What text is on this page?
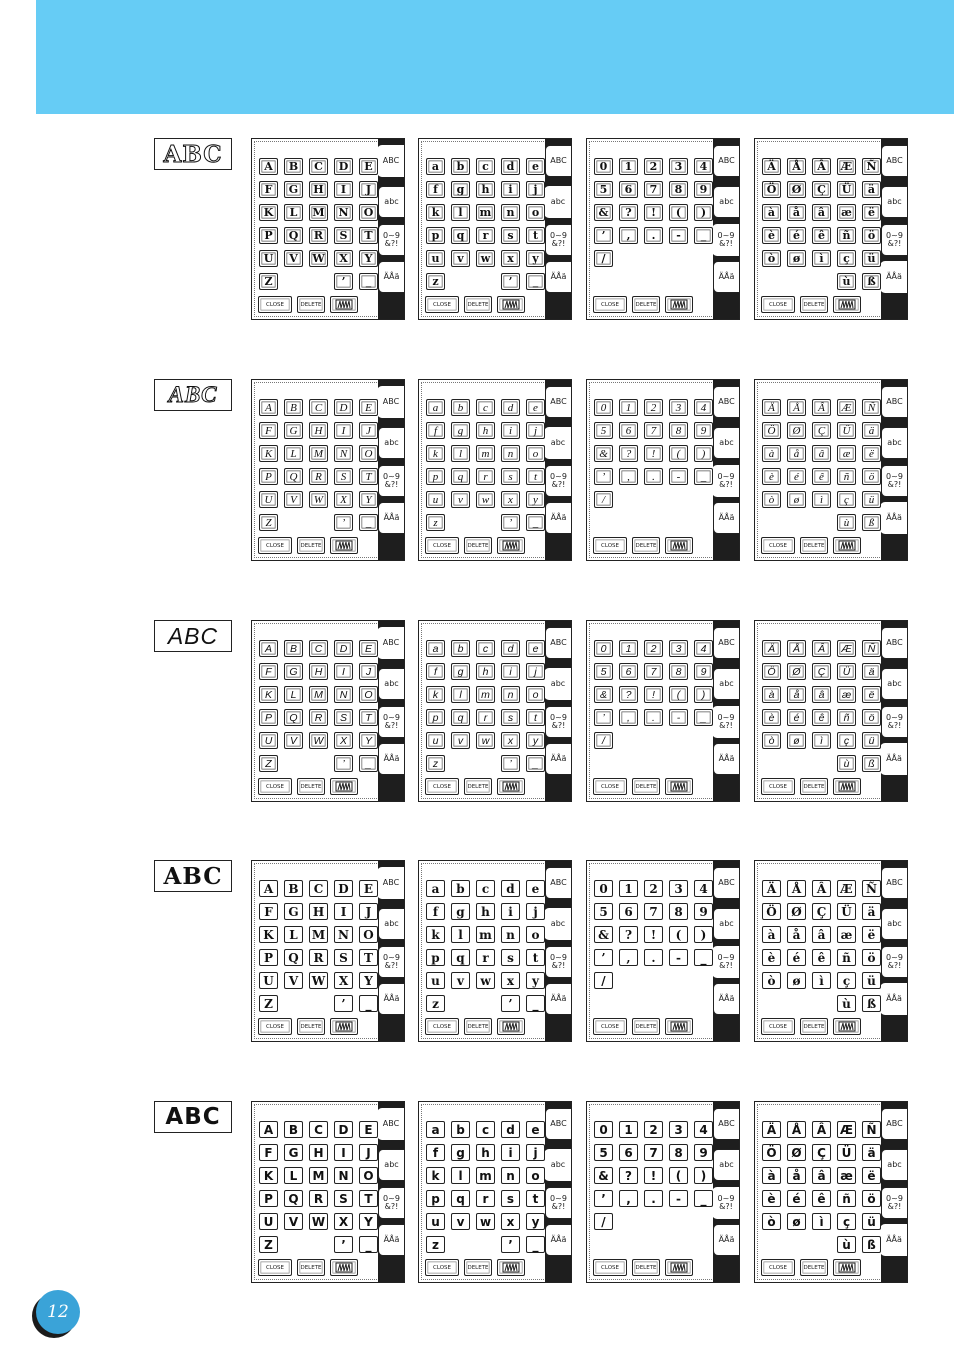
ABC	ABC
abc
0~9
&?!
ÄÅä
A	B	C	D	E
F	G	H	I	J
K	L	M	N	O
P	Q	R	S	T
U	V	W	X	Y
Z	’	_
CLOSE	DELETE
ABC
abc
0~9
&?!
ÄÅä
a	b	c	d	e
f	g	h	i	j
k	l	m	n	o
p	q	r	s	t
u	v	w	x	y
z	’	_
CLOSE	DELETE
ABC
abc
0~9
&?!
ÄÅä
0	1	2	3	4
5	6	7	8	9
&	?	!	(	)
’	,	.	-	_
/
CLOSE	DELETE
ABC
abc
0~9
&?!
ÄÅä
Ä	Å	Â	Æ	Ñ
Ö	Ø	Ç	Ü	ä
à	å	â	æ	ë
è	é	ê	ñ	ö
ò	ø	ì	ç	ü
ù	ß
CLOSE	DELETE
ABC	ABC
abc
0~9
&?!
ÄÅä
A	B	C	D	E
F	G	H	I	J
K	L	M	N	O
P	Q	R	S	T
U	V	W	X	Y
Z	’	_
CLOSE	DELETE
ABC
abc
0~9
&?!
ÄÅä
a	b	c	d	e
f	g	h	i	j
k	l	m	n	o
p	q	r	s	t
u	v	w	x	y
z	’	_
CLOSE	DELETE
ABC
abc
0~9
&?!
ÄÅä
0	1	2	3	4
5	6	7	8	9
&	?	!	(	)
’	,	.	-	_
/
CLOSE	DELETE
ABC
abc
0~9
&?!
ÄÅä
Ä	Å	Â	Æ	Ñ
Ö	Ø	Ç	Ü	ä
à	å	â	æ	ë
è	é	ê	ñ	ö
ò	ø	ì	ç	ü
ù	ß
CLOSE	DELETE
ABC	ABC
abc
0~9
&?!
ÄÅä
A	B	C	D	E
F	G	H	I	J
K	L	M	N	O
P	Q	R	S	T
U	V	W	X	Y
Z	’	_
CLOSE	DELETE
ABC
abc
0~9
&?!
ÄÅä
a	b	c	d	e
f	g	h	i	j
k	l	m	n	o
p	q	r	s	t
u	v	w	x	y
z	’	_
CLOSE	DELETE
ABC
abc
0~9
&?!
ÄÅä
0	1	2	3	4
5	6	7	8	9
&	?	!	(	)
’	,	.	-	_
/
CLOSE	DELETE
ABC
abc
0~9
&?!
ÄÅä
Ä	Å	Â	Æ	Ñ
Ö	Ø	Ç	Ü	ä
à	å	â	æ	ë
è	é	ê	ñ	ö
ò	ø	ì	ç	ü
ù	ß
CLOSE	DELETE
ABC	ABC
abc
0~9
&?!
ÄÅä
A	B	C	D	E
F	G	H	I	J
K	L	M	N	O
P	Q	R	S	T
U	V	W	X	Y
Z	’	_
CLOSE	DELETE
ABC
abc
0~9
&?!
ÄÅä
a	b	c	d	e
f	g	h	i	j
k	l	m	n	o
p	q	r	s	t
u	v	w	x	y
z	’	_
CLOSE	DELETE
ABC
abc
0~9
&?!
ÄÅä
0	1	2	3	4
5	6	7	8	9
&	?	!	(	)
’	,	.	-	_
/
CLOSE	DELETE
ABC
abc
0~9
&?!
ÄÅä
Ä	Å	Â	Æ	Ñ
Ö	Ø	Ç	Ü	ä
à	å	â	æ	ë
è	é	ê	ñ	ö
ò	ø	ì	ç	ü
ù	ß
CLOSE	DELETE
ABC	ABC
abc
0~9
&?!
ÄÅä
A	B	C	D	E
F	G	H	I	J
K	L	M	N	O
P	Q	R	S	T
U	V	W	X	Y
Z	’	_
CLOSE	DELETE
ABC
abc
0~9
&?!
ÄÅä
a	b	c	d	e
f	g	h	i	j
k	l	m	n	o
p	q	r	s	t
u	v	w	x	y
z	’	_
CLOSE	DELETE
ABC
abc
0~9
&?!
ÄÅä
0	1	2	3	4
5	6	7	8	9
&	?	!	(	)
’	,	.	-	_
/
CLOSE	DELETE
ABC
abc
0~9
&?!
ÄÅä
Ä	Å	Â	Æ	Ñ
Ö	Ø	Ç	Ü	ä
à	å	â	æ	ë
è	é	ê	ñ	ö
ò	ø	ì	ç	ü
ù	ß
CLOSE	DELETE
12
